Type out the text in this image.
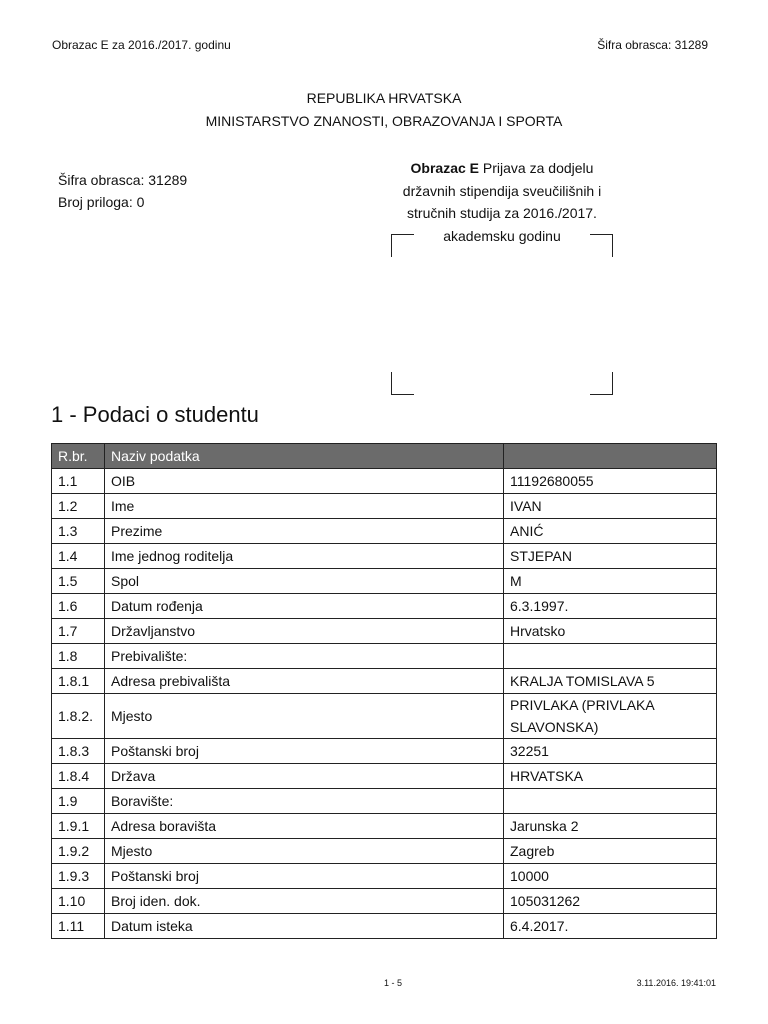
Obrazac E za 2016./2017. godinu	Šifra obrasca: 31289
REPUBLIKA HRVATSKA
MINISTARSTVO ZNANOSTI, OBRAZOVANJA I SPORTA
Šifra obrasca: 31289
Broj priloga: 0
Obrazac E Prijava za dodjelu državnih stipendija sveučilišnih i stručnih studija za 2016./2017. akademsku godinu
1 - Podaci o studentu
R.br.	Naziv podatka	
1.1	OIB	11192680055
1.2	Ime	IVAN
1.3	Prezime	ANIĆ
1.4	Ime jednog roditelja	STJEPAN
1.5	Spol	M
1.6	Datum rođenja	6.3.1997.
1.7	Državljanstvo	Hrvatsko
1.8	Prebivalište:	
1.8.1	Adresa prebivališta	KRALJA TOMISLAVA 5
1.8.2.	Mjesto	PRIVLAKA (PRIVLAKA SLAVONSKA)
1.8.3	Poštanski broj	32251
1.8.4	Država	HRVATSKA
1.9	Boravište:	
1.9.1	Adresa boravišta	Jarunska 2
1.9.2	Mjesto	Zagreb
1.9.3	Poštanski broj	10000
1.10	Broj iden. dok.	105031262
1.11	Datum isteka	6.4.2017.
1 - 5	3.11.2016. 19:41:01
